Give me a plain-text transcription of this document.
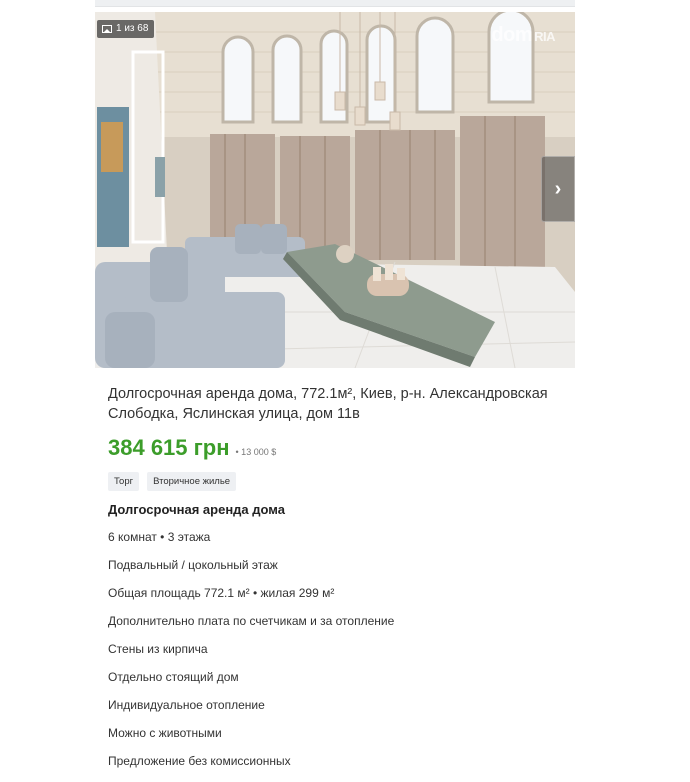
1 из 68	dom RIA
›
Долгосрочная аренда дома, 772.1м², Киев, р-н. Александровская Слободка, Яслинская улица, дом 11в
384 615 грн • 13 000 $
Торг	Вторичное жилье
Долгосрочная аренда дома
6 комнат • 3 этажа
Подвальный / цокольный этаж
Общая площадь 772.1 м² • жилая 299 м²
Дополнительно плата по счетчикам и за отопление
Стены из кирпича
Отдельно стоящий дом
Индивидуальное отопление
Можно с животными
Предложение без комиссионных
